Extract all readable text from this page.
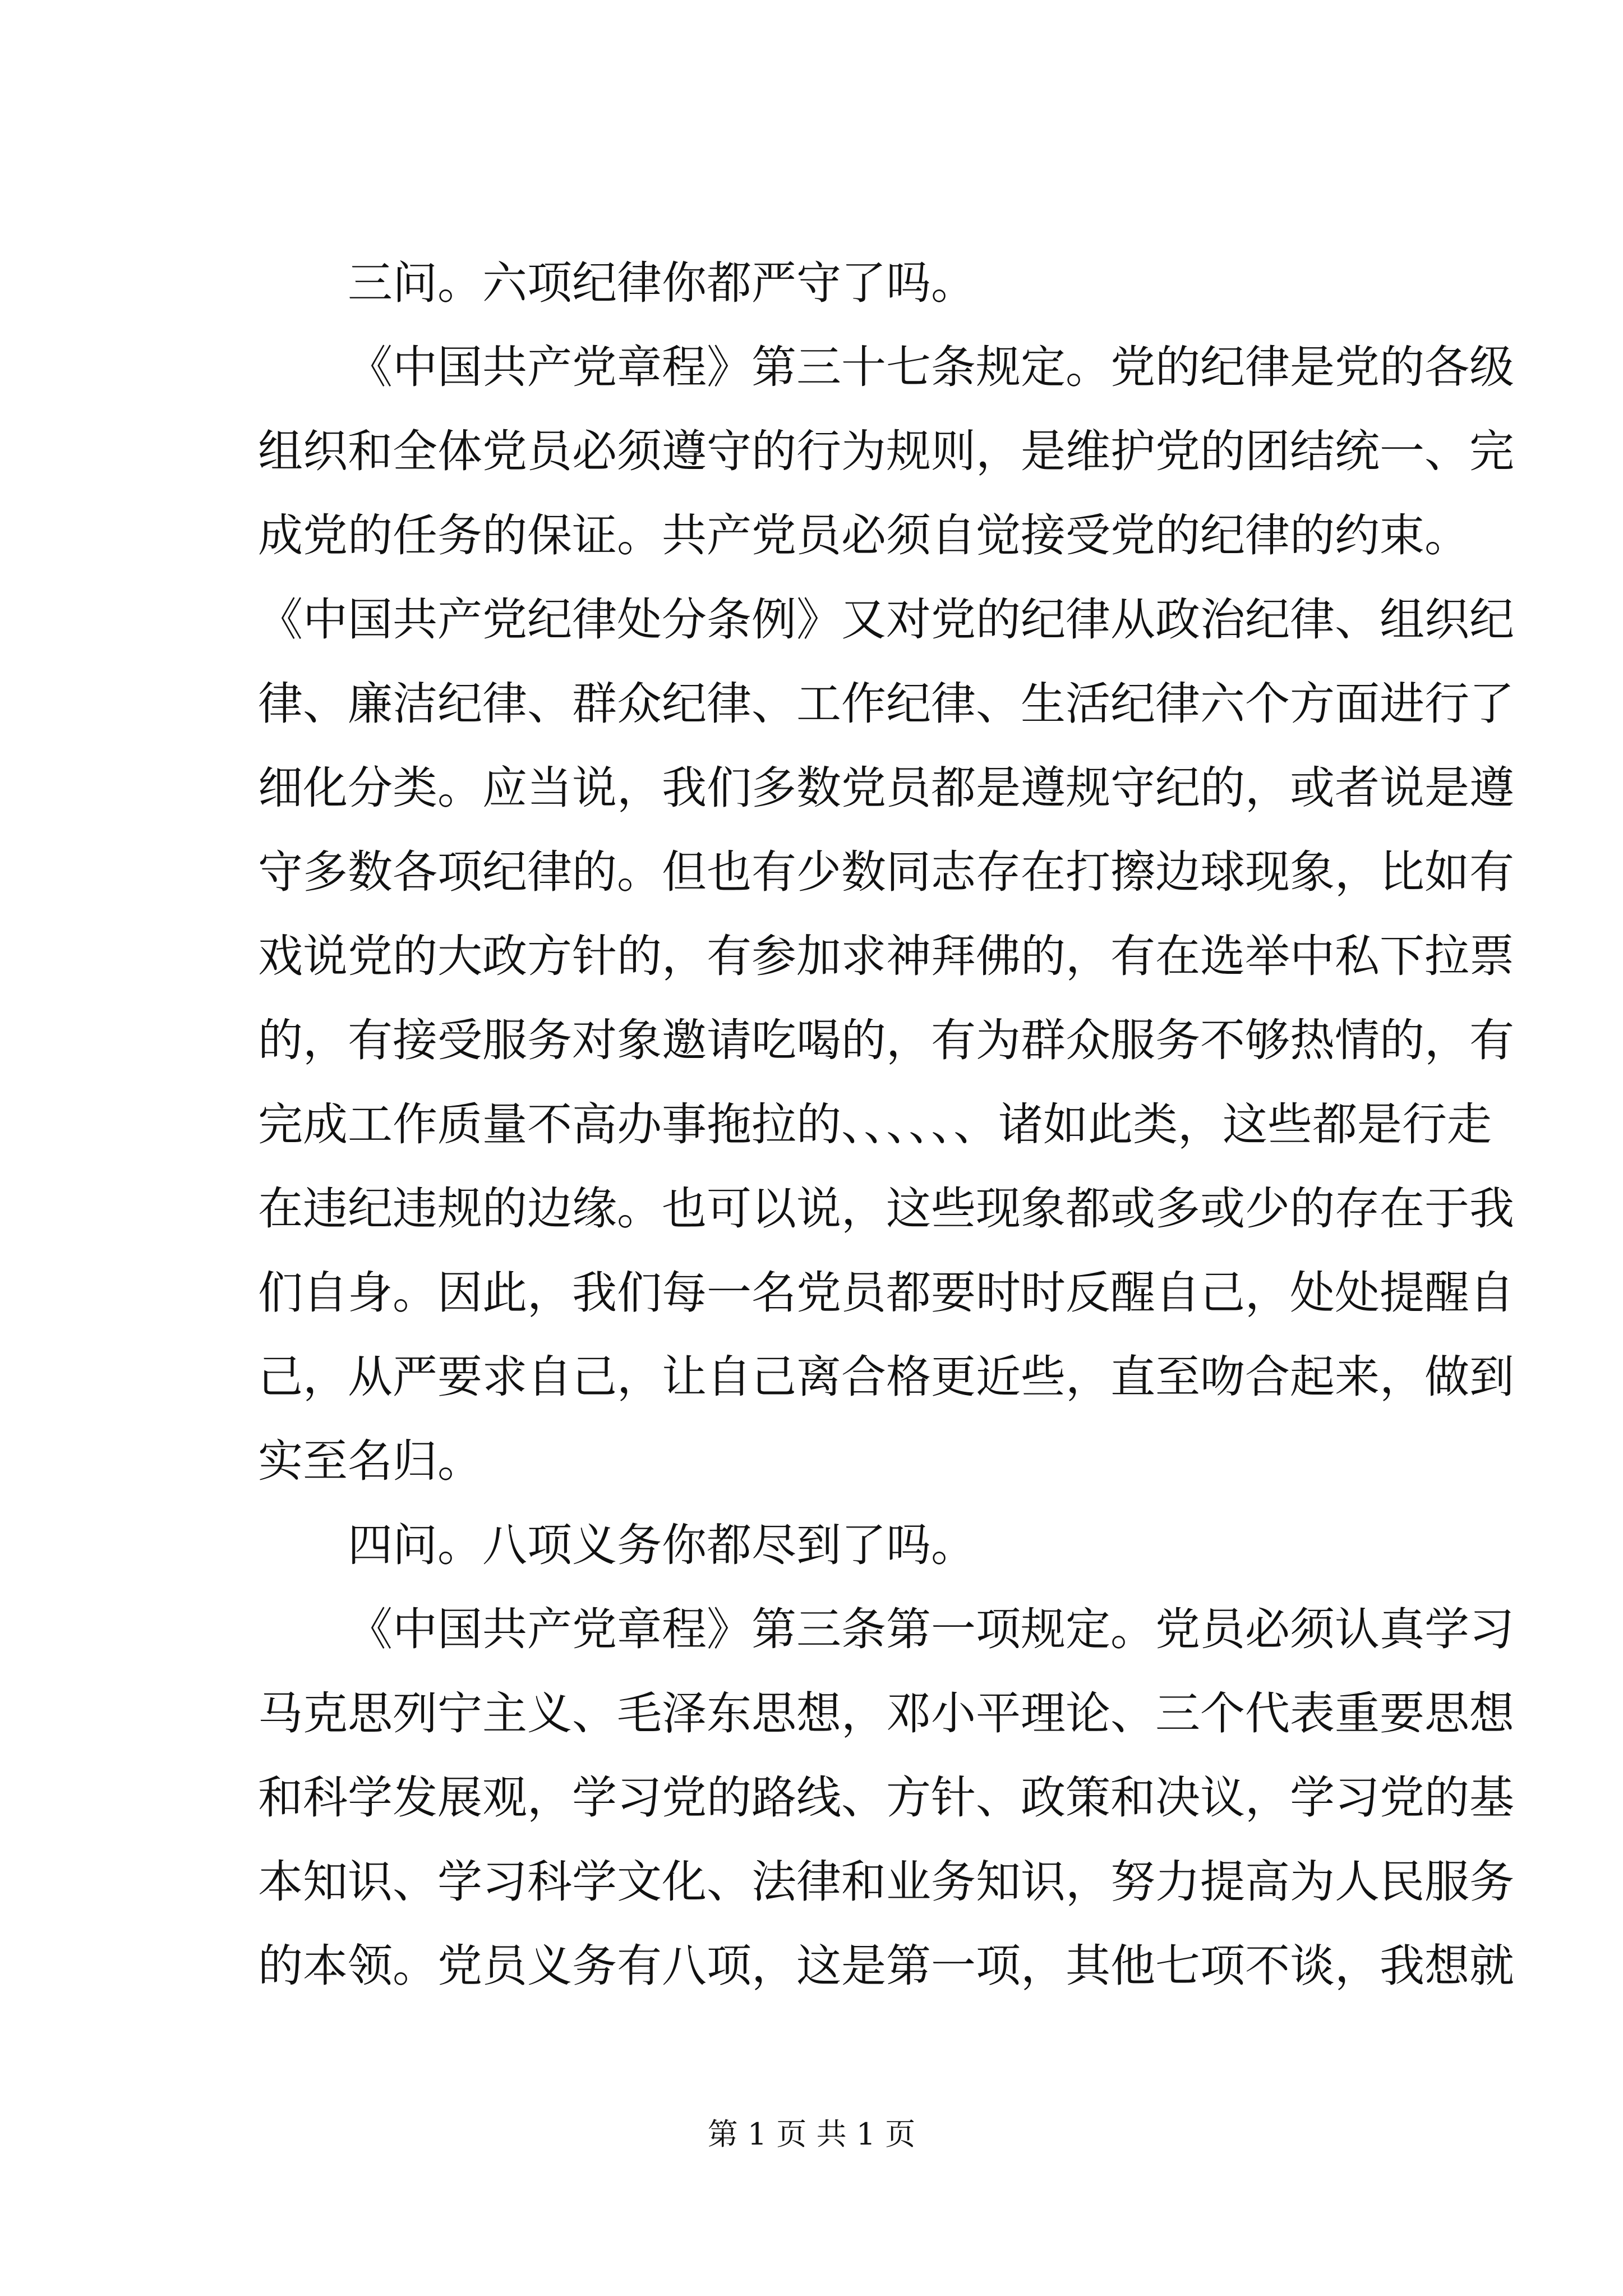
三问。六项纪律你都严守了吗。
《中国共产党章程》第三十七条规定。党的纪律是党的各级
组织和全体党员必须遵守的行为规则，是维护党的团结统一、完
成党的任务的保证。共产党员必须自觉接受党的纪律的约束。
《中国共产党纪律处分条例》又对党的纪律从政治纪律、组织纪
律、廉洁纪律、群众纪律、工作纪律、生活纪律六个方面进行了
细化分类。应当说，我们多数党员都是遵规守纪的，或者说是遵
守多数各项纪律的。但也有少数同志存在打擦边球现象，比如有
戏说党的大政方针的，有参加求神拜佛的，有在选举中私下拉票
的，有接受服务对象邀请吃喝的，有为群众服务不够热情的，有
完成工作质量不高办事拖拉的、、、、、、诸如此类，这些都是行走
在违纪违规的边缘。也可以说，这些现象都或多或少的存在于我
们自身。因此，我们每一名党员都要时时反醒自己，处处提醒自
己，从严要求自己，让自己离合格更近些，直至吻合起来，做到
实至名归。
四问。八项义务你都尽到了吗。
《中国共产党章程》第三条第一项规定。党员必须认真学习
马克思列宁主义、毛泽东思想，邓小平理论、三个代表重要思想
和科学发展观，学习党的路线、方针、政策和决议，学习党的基
本知识、学习科学文化、法律和业务知识，努力提高为人民服务
的本领。党员义务有八项，这是第一项，其他七项不谈，我想就
第 1 页 共 1 页
